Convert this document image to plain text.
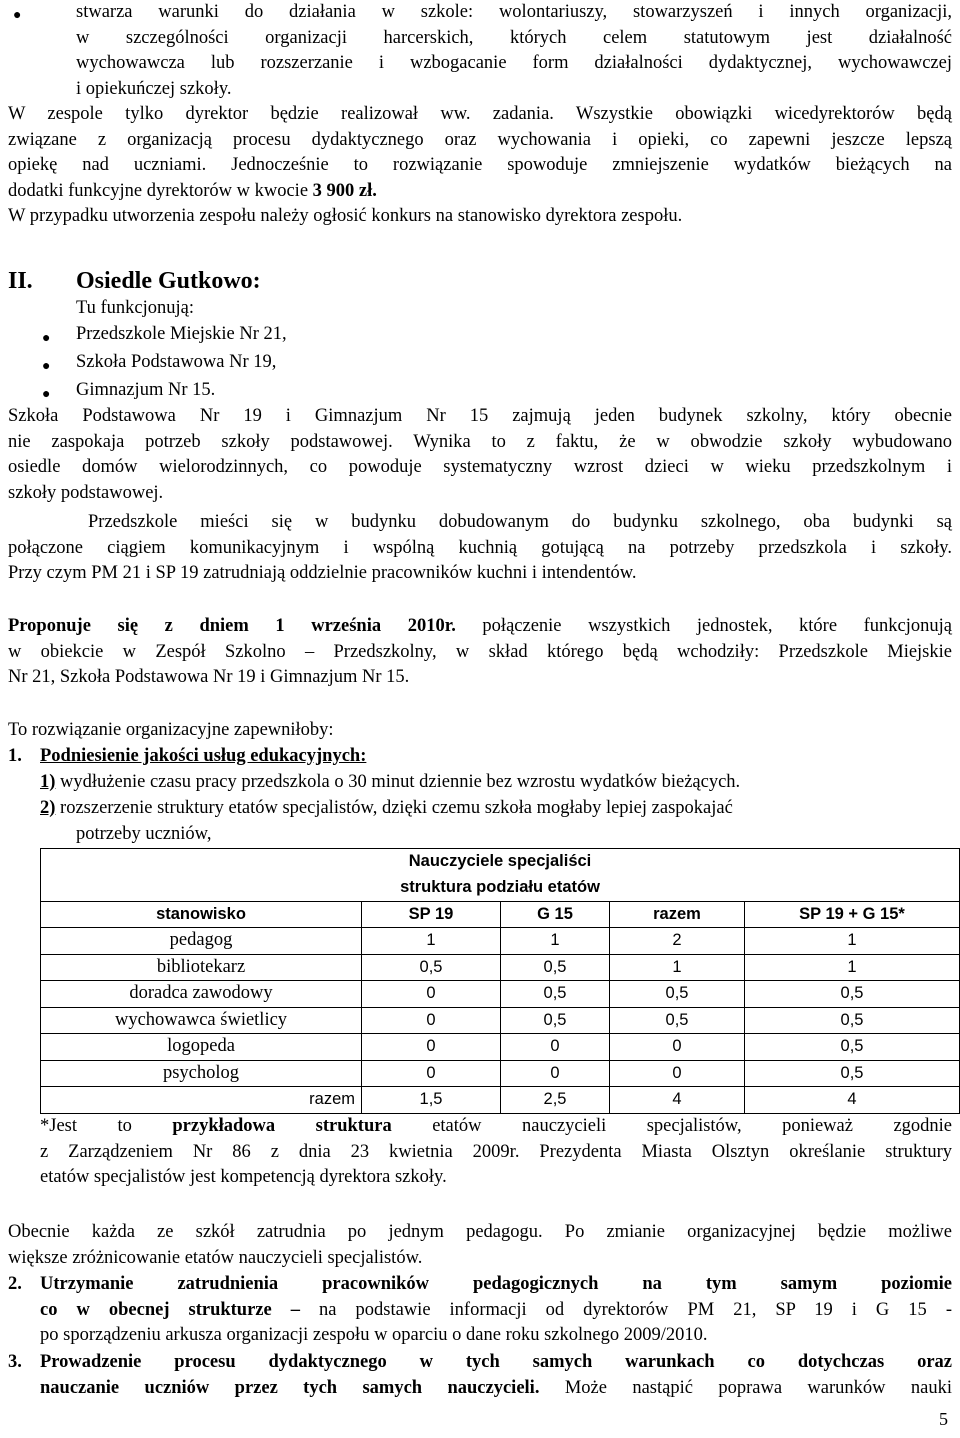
●	stwarza warunki do działania w szkole: wolontariuszy, stowarzyszeń i innych organizacji,

w szczególności organizacji harcerskich, których celem statutowym jest działalność

wychowawcza lub rozszerzanie i wzbogacanie form działalności dydaktycznej, wychowawczej

i opiekuńczej szkoły.

W zespole tylko dyrektor będzie realizował ww. zadania. Wszystkie obowiązki wicedyrektorów będą

związane z organizacją procesu dydaktycznego oraz wychowania i opieki, co zapewni jeszcze lepszą

opiekę nad uczniami. Jednocześnie to rozwiązanie spowoduje zmniejszenie wydatków bieżących na

dodatki funkcyjne dyrektorów w kwocie 3 900 zł.

W przypadku utworzenia zespołu należy ogłosić konkurs na stanowisko dyrektora zespołu.

II. Osiedle Gutkowo:
Tu funkcjonują:
● Przedszkole Miejskie Nr 21,
● Szkoła Podstawowa Nr 19,
● Gimnazjum Nr 15.

Szkoła Podstawowa Nr 19 i Gimnazjum Nr 15 zajmują jeden budynek szkolny, który obecnie

nie zaspokaja potrzeb szkoły podstawowej. Wynika to z faktu, że w obwodzie szkoły wybudowano

osiedle domów wielorodzinnych, co powoduje systematyczny wzrost dzieci w wieku przedszkolnym i

szkoły podstawowej.

Przedszkole mieści się w budynku dobudowanym do budynku szkolnego, oba budynki są

połączone ciągiem komunikacyjnym i wspólną kuchnią gotującą na potrzeby przedszkola i szkoły.

Przy czym PM 21 i SP 19 zatrudniają oddzielnie pracowników kuchni i intendentów.

Proponuje się z dniem 1 września 2010r. połączenie wszystkich jednostek, które funkcjonują

w obiekcie w Zespół Szkolno – Przedszkolny, w skład którego będą wchodziły: Przedszkole Miejskie

Nr 21, Szkoła Podstawowa Nr 19 i Gimnazjum Nr 15.

To rozwiązanie organizacyjne zapewniłoby:
1. Podniesienie jakości usług edukacyjnych:
1) wydłużenie czasu pracy przedszkola o 30 minut dziennie bez wzrostu wydatków bieżących.
2) rozszerzenie struktury etatów specjalistów, dzięki czemu szkoła mogłaby lepiej zaspokajać
potrzeby uczniów,
Nauczyciele specjaliści				
struktura podziału etatów				
stanowisko	SP 19	G 15	razem	SP 19 + G 15*
pedagog	1	1	2	1
bibliotekarz	0,5	0,5	1	1
doradca zawodowy	0	0,5	0,5	0,5
wychowawca świetlicy	0	0,5	0,5	0,5
logopeda	0	0	0	0,5
psycholog	0	0	0	0,5
razem	1,5	2,5	4	4

*Jest to przykładowa struktura etatów nauczycieli specjalistów, ponieważ zgodnie

z Zarządzeniem Nr 86 z dnia 23 kwietnia 2009r. Prezydenta Miasta Olsztyn określanie struktury

etatów specjalistów jest kompetencją dyrektora szkoły.

Obecnie każda ze szkół zatrudnia po jednym pedagogu. Po zmianie organizacyjnej będzie możliwe

większe zróżnicowanie etatów nauczycieli specjalistów.

2. Utrzymanie zatrudnienia pracowników pedagogicznych na tym samym poziomie

co w obecnej strukturze – na podstawie informacji od dyrektorów PM 21, SP 19 i G 15 -

po sporządzeniu arkusza organizacji zespołu w oparciu o dane roku szkolnego 2009/2010.

3. Prowadzenie procesu dydaktycznego w tych samych warunkach co dotychczas oraz

nauczanie uczniów przez tych samych nauczycieli. Może nastąpić poprawa warunków nauki

5
